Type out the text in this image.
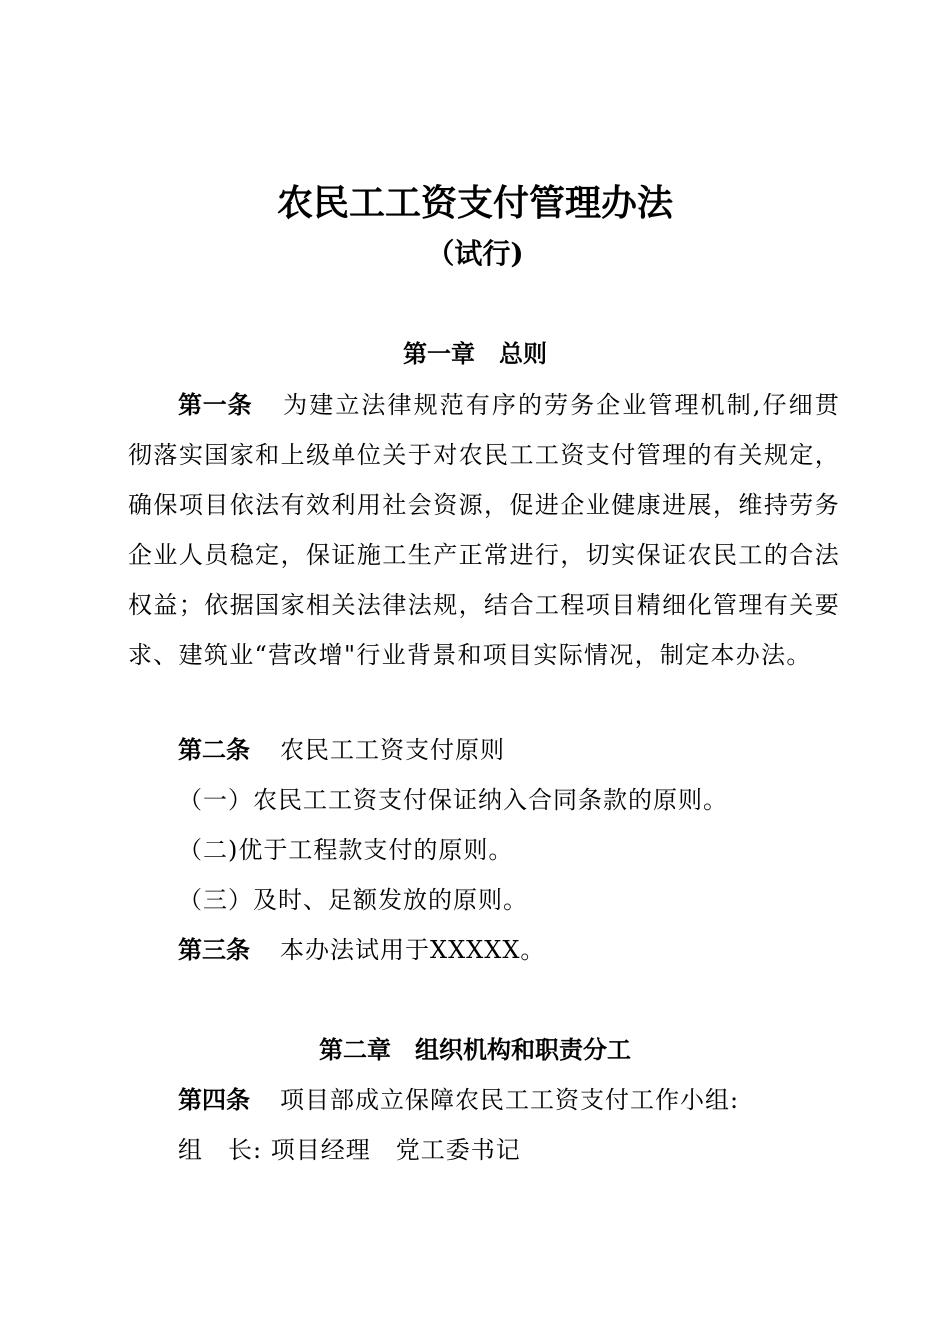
农民工工资支付管理办法
（试行)
第一章　总则
第一条 为建立法律规范有序的劳务企业管理机制,仔细贯彻落实国家和上级单位关于对农民工工资支付管理的有关规定，确保项目依法有效利用社会资源，促进企业健康进展，维持劳务企业人员稳定，保证施工生产正常进行，切实保证农民工的合法权益；依据国家相关法律法规，结合工程项目精细化管理有关要求、建筑业“营改增"行业背景和项目实际情况，制定本办法。
第二条 农民工工资支付原则
（一）农民工工资支付保证纳入合同条款的原则。
（二)优于工程款支付的原则。
（三）及时、足额发放的原则。
第三条 本办法试用于XXXXX。
第二章　组织机构和职责分工
第四条 项目部成立保障农民工工资支付工作小组:
组　长: 项目经理　党工委书记
